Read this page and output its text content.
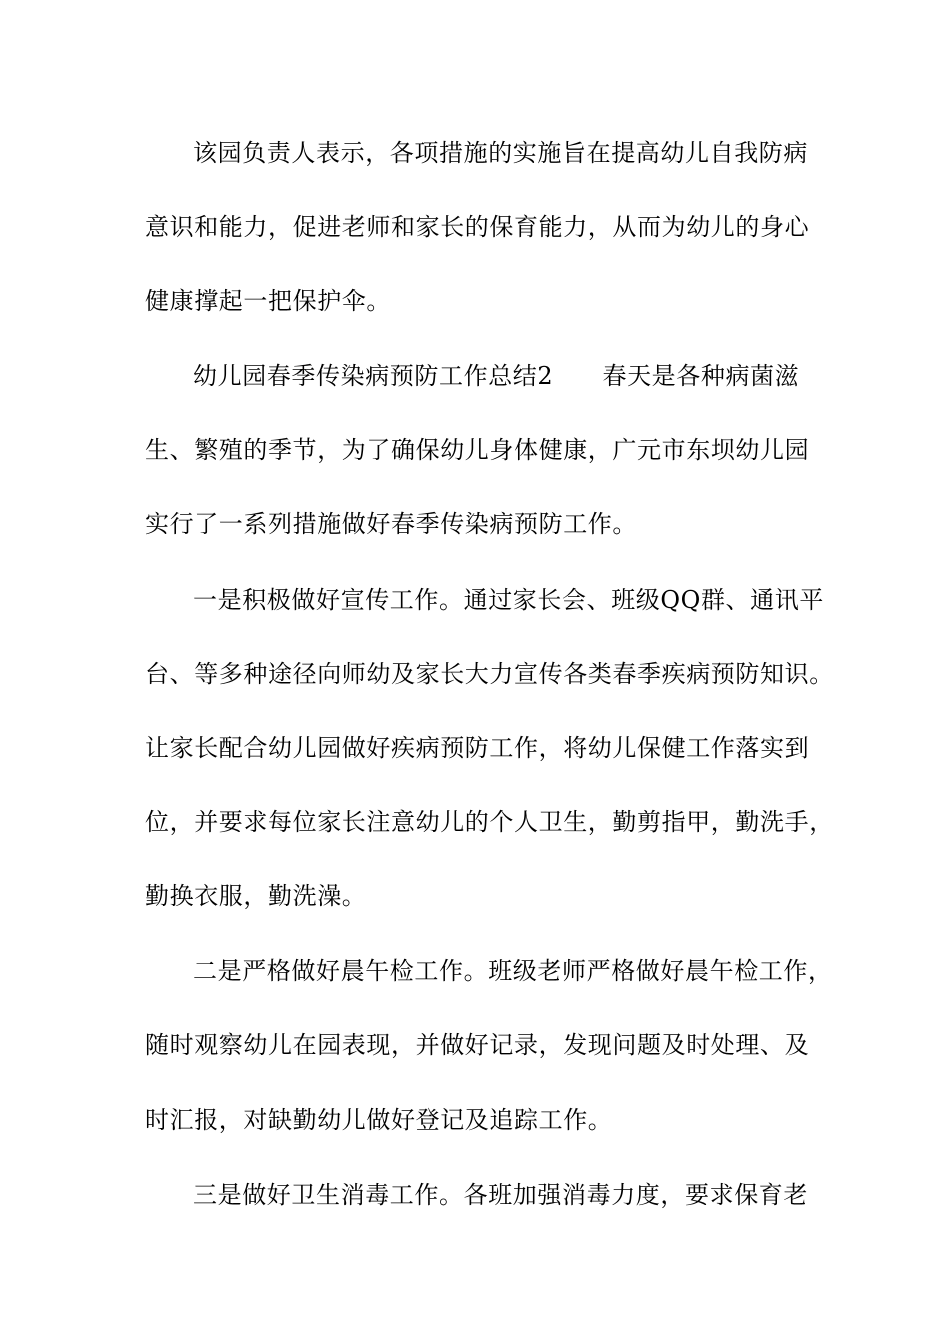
该园负责人表示，各项措施的实施旨在提高幼儿自我防病
意识和能力，促进老师和家长的保育能力，从而为幼儿的身心
健康撑起一把保护伞。
幼儿园春季传染病预防工作总结2　　春天是各种病菌滋
生、繁殖的季节，为了确保幼儿身体健康，广元市东坝幼儿园
实行了一系列措施做好春季传染病预防工作。
一是积极做好宣传工作。通过家长会、班级QQ群、通讯平
台、等多种途径向师幼及家长大力宣传各类春季疾病预防知识。
让家长配合幼儿园做好疾病预防工作，将幼儿保健工作落实到
位，并要求每位家长注意幼儿的个人卫生，勤剪指甲，勤洗手，
勤换衣服，勤洗澡。
二是严格做好晨午检工作。班级老师严格做好晨午检工作，
随时观察幼儿在园表现，并做好记录，发现问题及时处理、及
时汇报，对缺勤幼儿做好登记及追踪工作。
三是做好卫生消毒工作。各班加强消毒力度，要求保育老
